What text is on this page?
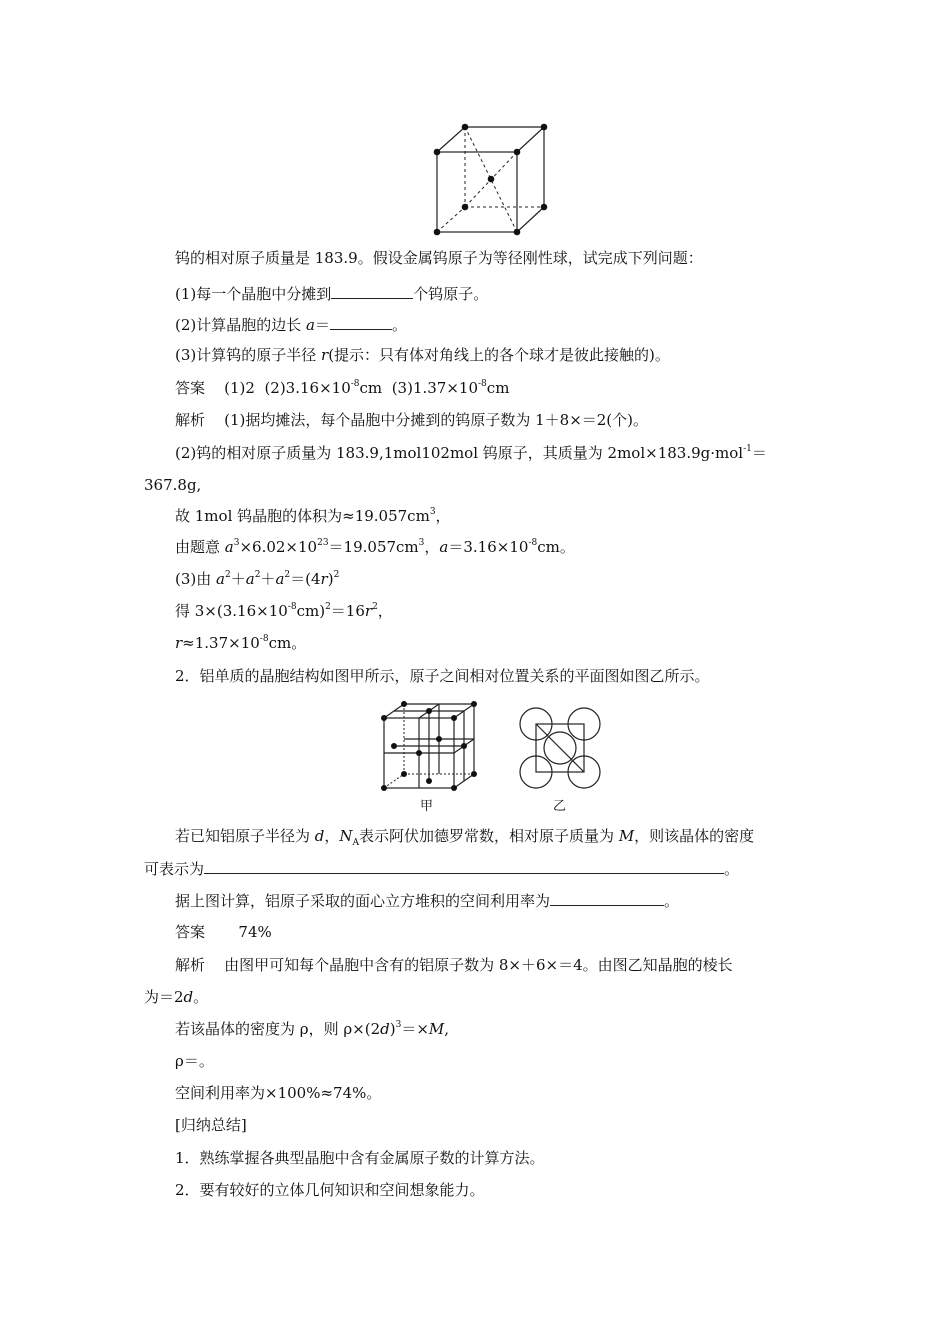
钨的相对原子质量是 183.9。假设金属钨原子为等径刚性球，试完成下列问题：
(1)每一个晶胞中分摊到	个钨原子。
(2)计算晶胞的边长 a＝	。
(3)计算钨的原子半径 r(提示：只有体对角线上的各个球才是彼此接触的)。
答案 (1)2 $(2)3.16\times 10^{-8}cm$ $(3)1.37\times 10^{-8}cm$
解析 (1)据均摊法，每个晶胞中分摊到的钨原子数为 1＋8×＝2(个)。
(2)钨的相对原子质量为 183.9,1mol102mol 钨原子，其质量为 2mol×183.9g·mol$^{-1}$＝
367.8g,
故 1mol 钨晶胞的体积为$\approx 19.057cm^3$，
由题意 $a^3\times 6.02\times 10^{23}=19.057cm^3$，$a=3.16\times 10^{-8}cm$。
(3)由 $a^2+a^2+a^2=(4r)^2$
得 $3\times(3.16\times 10^{-8}cm)^2=16r^2$，
$r\approx 1.37\times 10^{-8}cm$。
2．铝单质的晶胞结构如图甲所示，原子之间相对位置关系的平面图如图乙所示。
甲	乙
若已知铝原子半径为 d，$N_A$表示阿伏加德罗常数，相对原子质量为 M，则该晶体的密度
可表示为	。
据上图计算，铝原子采取的面心立方堆积的空间利用率为	。
答案 74%
解析 由图甲可知每个晶胞中含有的铝原子数为 8×＋6×＝4。由图乙知晶胞的棱长
为＝2d。
若该晶体的密度为 ρ，则 $\rho\times(2d)^3=\times M$,
ρ＝。
空间利用率为×100%≈74%。
[归纳总结]
1．熟练掌握各典型晶胞中含有金属原子数的计算方法。
2．要有较好的立体几何知识和空间想象能力。
